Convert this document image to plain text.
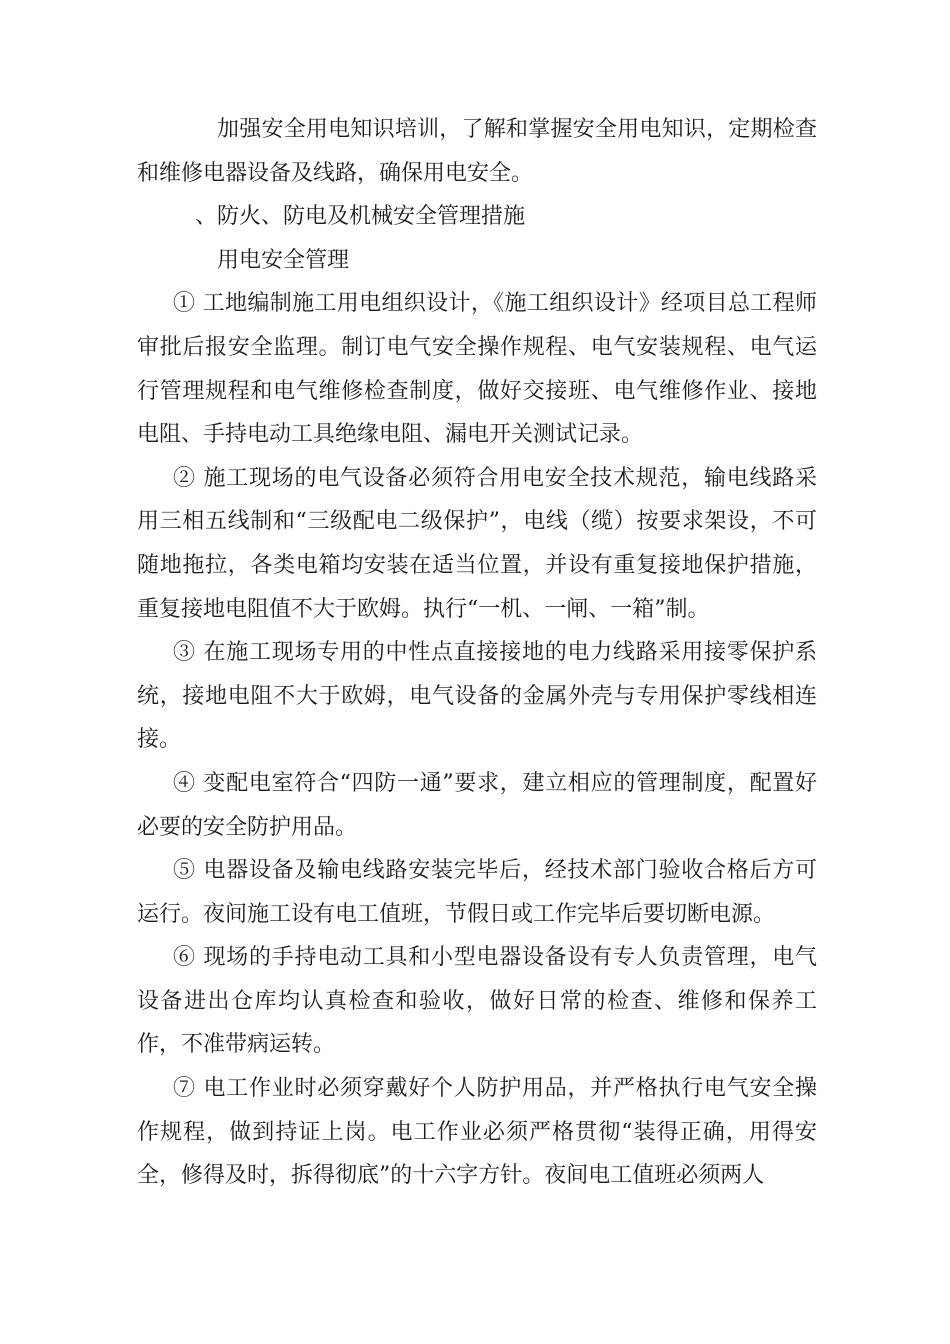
加强安全用电知识培训，了解和掌握安全用电知识，定期检查和维修电器设备及线路，确保用电安全。

、防火、防电及机械安全管理措施

用电安全管理

① 工地编制施工用电组织设计，《施工组织设计》经项目总工程师审批后报安全监理。制订电气安全操作规程、电气安装规程、电气运行管理规程和电气维修检查制度，做好交接班、电气维修作业、接地电阻、手持电动工具绝缘电阻、漏电开关测试记录。

② 施工现场的电气设备必须符合用电安全技术规范，输电线路采用三相五线制和“三级配电二级保护”，电线（缆）按要求架设，不可随地拖拉，各类电箱均安装在适当位置，并设有重复接地保护措施，重复接地电阻值不大于欧姆。执行“一机、一闸、一箱”制。

③ 在施工现场专用的中性点直接接地的电力线路采用接零保护系统，接地电阻不大于欧姆，电气设备的金属外壳与专用保护零线相连接。

④ 变配电室符合“四防一通”要求，建立相应的管理制度，配置好必要的安全防护用品。

⑤ 电器设备及输电线路安装完毕后，经技术部门验收合格后方可运行。夜间施工设有电工值班，节假日或工作完毕后要切断电源。

⑥ 现场的手持电动工具和小型电器设备设有专人负责管理，电气设备进出仓库均认真检查和验收，做好日常的检查、维修和保养工作，不准带病运转。

⑦ 电工作业时必须穿戴好个人防护用品，并严格执行电气安全操作规程，做到持证上岗。电工作业必须严格贯彻“装得正确，用得安全，修得及时，拆得彻底”的十六字方针。夜间电工值班必须两人
